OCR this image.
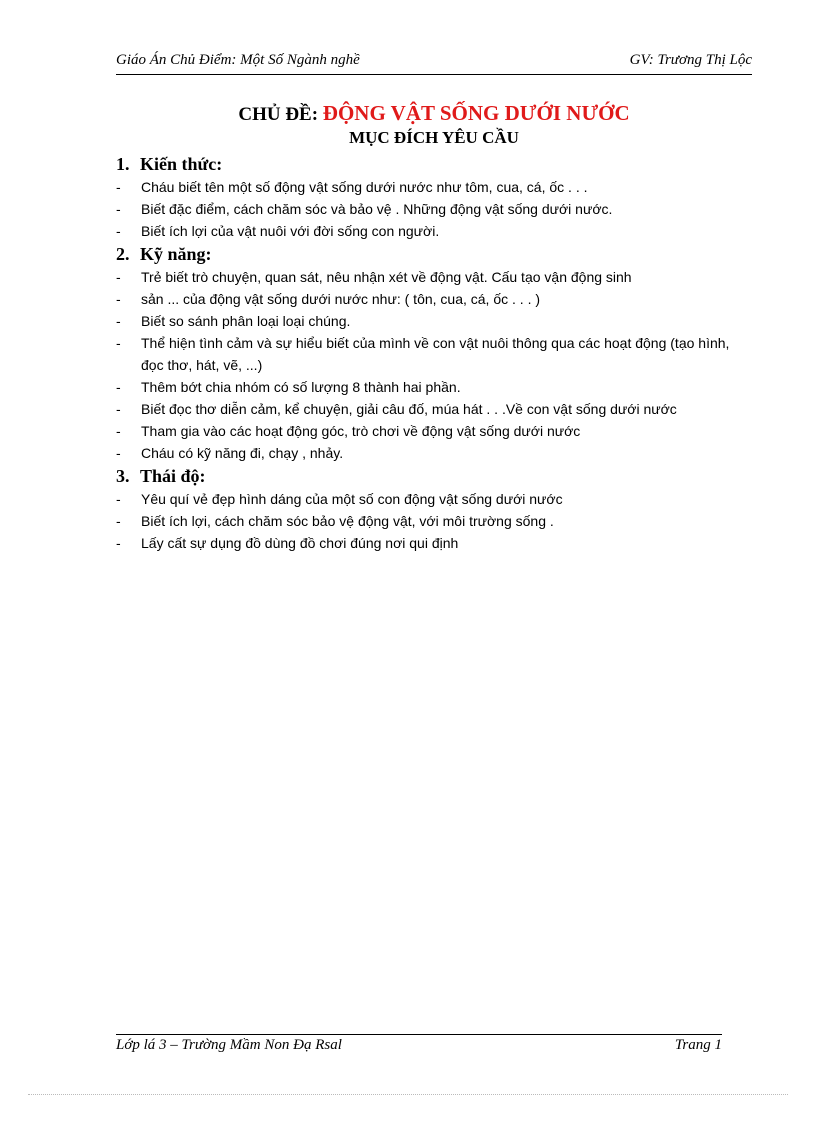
Giáo Án Chủ Điểm: Một Số Ngành nghề	GV: Trương Thị Lộc
CHỦ ĐỀ: ĐỘNG VẬT SỐNG DƯỚI NƯỚC
MỤC ĐÍCH YÊU CẦU
1. Kiến thức:
- Cháu biết tên một số động vật sống dưới nước như tôm, cua, cá, ốc . . .
- Biết đặc điểm, cách chăm sóc và bảo vệ . Những động vật sống dưới nước.
- Biết ích lợi của vật nuôi với đời sống con người.
2. Kỹ năng:
- Trẻ biết trò chuyện, quan sát, nêu nhận xét về động vật. Cấu tạo vận động sinh
- sản ... của động vật sống dưới nước như: ( tôn, cua, cá, ốc . . . )
- Biết so sánh phân loại loại chúng.
- Thể hiện tình cảm và sự hiểu biết của mình về con vật nuôi thông qua các hoạt động (tạo hình, đọc thơ, hát, vẽ, ...)
- Thêm bớt chia nhóm có số lượng 8 thành hai phần.
- Biết đọc thơ diễn cảm, kể chuyện, giải câu đố, múa hát . . .Về con vật sống dưới nước
- Tham gia vào các hoạt động góc, trò chơi về động vật sống dưới nước
- Cháu có kỹ năng đi, chạy , nhảy.
3. Thái độ:
- Yêu quí vẻ đẹp hình dáng của một số con động vật sống dưới nước
- Biết ích lợi, cách chăm sóc bảo vệ động vật, với môi trường sống .
- Lấy cất sự dụng đồ dùng đồ chơi đúng nơi qui định
Lớp lá 3 – Trường Mầm Non Đạ Rsal	Trang 1
